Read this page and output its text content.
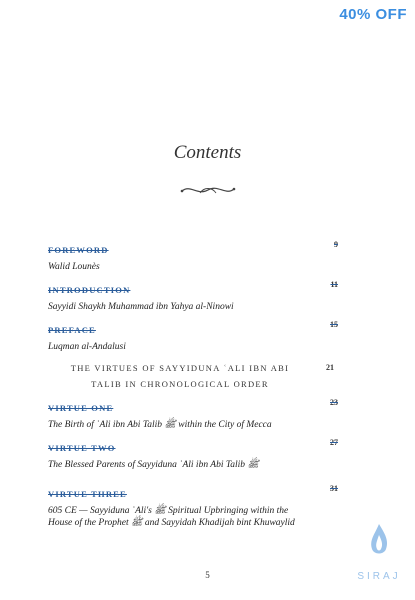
40% OFF
Contents
FOREWORD
9
Walid Lounès
INTRODUCTION
11
Sayyidi Shaykh Muhammad ibn Yahya al-Ninowi
PREFACE
15
Luqman al-Andalusi
THE VIRTUES OF SAYYIDUNA ʿALI IBN ABI
TALIB IN CHRONOLOGICAL ORDER
21
VIRTUE ONE
23
The Birth of ʿAli ibn Abi Talib ﷺ within the City of Mecca
VIRTUE TWO
27
The Blessed Parents of Sayyiduna ʿAli ibn Abi Talib ﷺ
VIRTUE THREE
31
605 CE — Sayyiduna ʿAli's ﷺ Spiritual Upbringing within the House of the Prophet ﷺ and Sayyidah Khadijah bint Khuwaylid
5	SIRAJ
